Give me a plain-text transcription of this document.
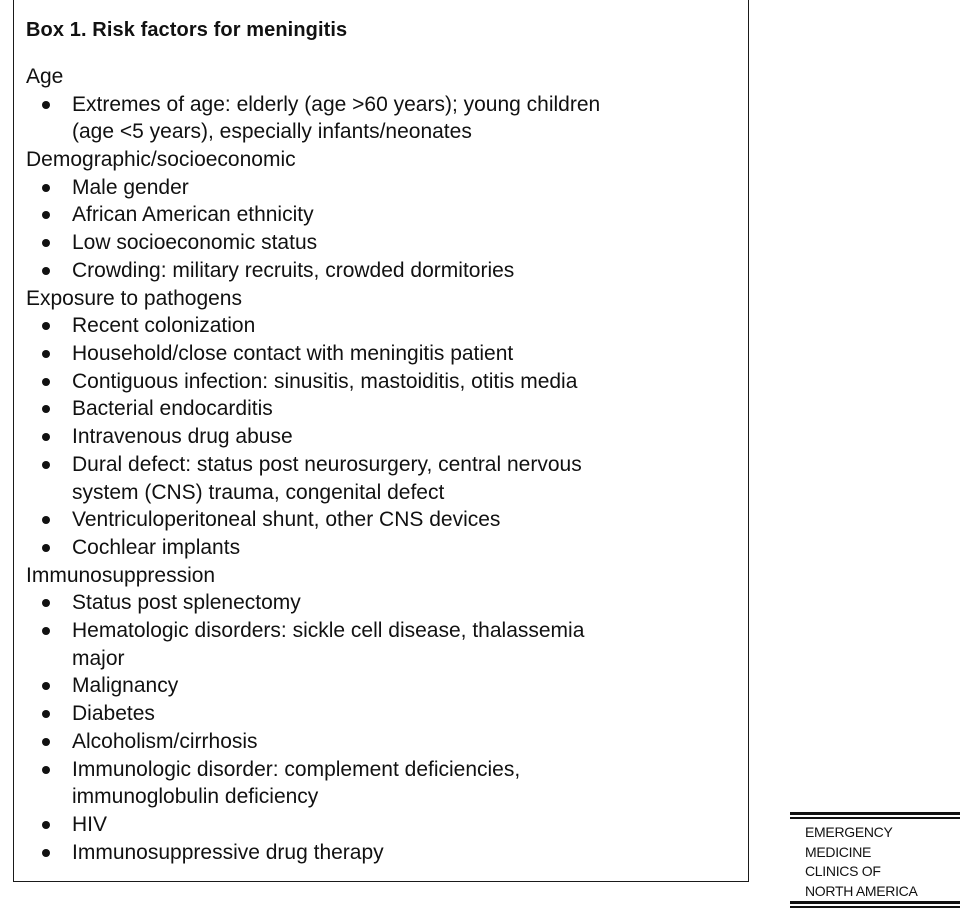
Box 1. Risk factors for meningitis
Age
Extremes of age: elderly (age >60 years); young children
(age <5 years), especially infants/neonates
Demographic/socioeconomic
Male gender
African American ethnicity
Low socioeconomic status
Crowding: military recruits, crowded dormitories
Exposure to pathogens
Recent colonization
Household/close contact with meningitis patient
Contiguous infection: sinusitis, mastoiditis, otitis media
Bacterial endocarditis
Intravenous drug abuse
Dural defect: status post neurosurgery, central nervous
system (CNS) trauma, congenital defect
Ventriculoperitoneal shunt, other CNS devices
Cochlear implants
Immunosuppression
Status post splenectomy
Hematologic disorders: sickle cell disease, thalassemia
major
Malignancy
Diabetes
Alcoholism/cirrhosis
Immunologic disorder: complement deficiencies,
immunoglobulin deficiency
HIV
Immunosuppressive drug therapy
EMERGENCY
MEDICINE
CLINICS OF
NORTH AMERICA
